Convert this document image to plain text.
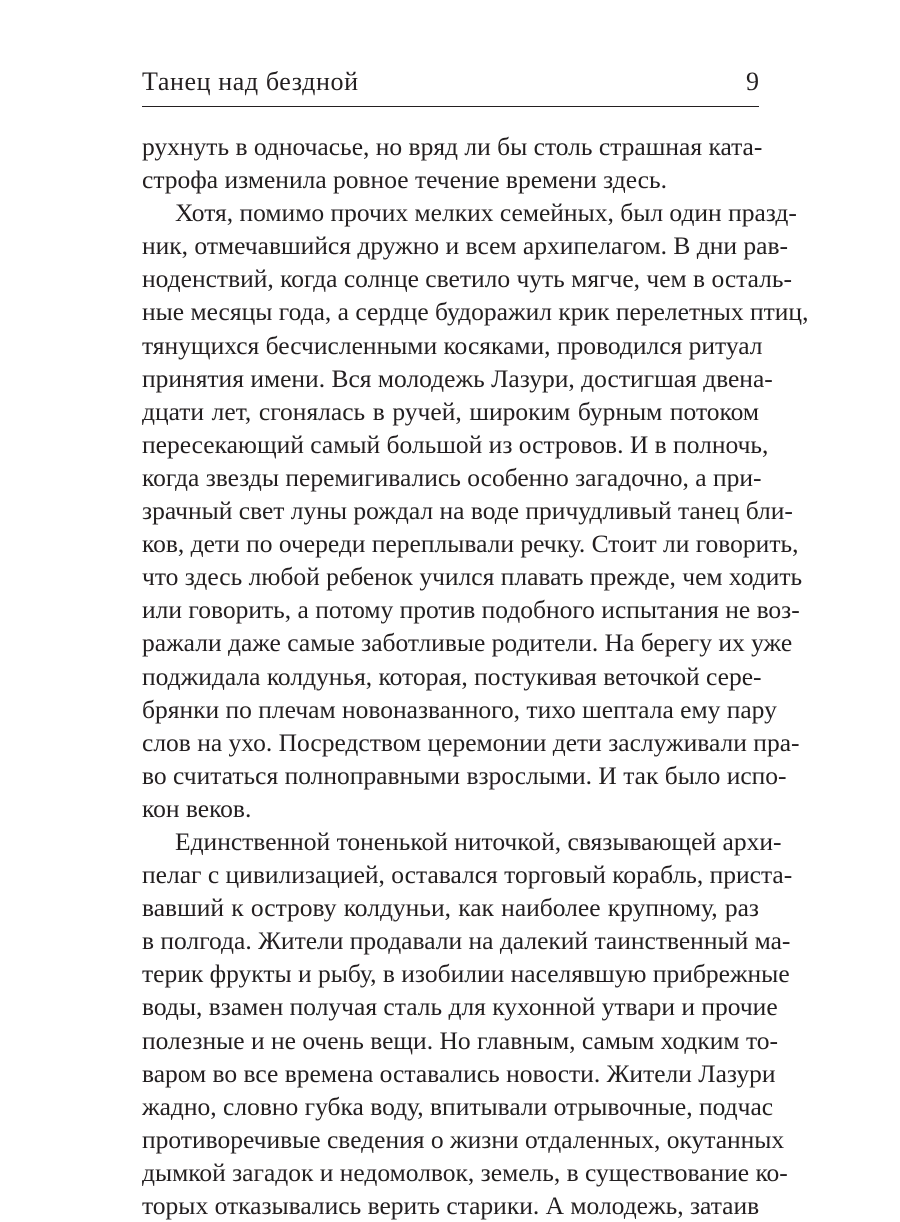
Танец над бездной	9
рухнуть в одночасье, но вряд ли бы столь страшная ката-
строфа изменила ровное течение времени здесь.
Хотя, помимо прочих мелких семейных, был один празд-
ник, отмечавшийся дружно и всем архипелагом. В дни рав-
ноденствий, когда солнце светило чуть мягче, чем в осталь-
ные месяцы года, а сердце будоражил крик перелетных птиц,
тянущихся бесчисленными косяками, проводился ритуал
принятия имени. Вся молодежь Лазури, достигшая двена-
дцати лет, сгонялась в ручей, широким бурным потоком
пересекающий самый большой из островов. И в полночь,
когда звезды перемигивались особенно загадочно, а при-
зрачный свет луны рождал на воде причудливый танец бли-
ков, дети по очереди переплывали речку. Стоит ли говорить,
что здесь любой ребенок учился плавать прежде, чем ходить
или говорить, а потому против подобного испытания не воз-
ражали даже самые заботливые родители. На берегу их уже
поджидала колдунья, которая, постукивая веточкой сере-
брянки по плечам новоназванного, тихо шептала ему пару
слов на ухо. Посредством церемонии дети заслуживали пра-
во считаться полноправными взрослыми. И так было испо-
кон веков.
Единственной тоненькой ниточкой, связывающей архи-
пелаг с цивилизацией, оставался торговый корабль, приста-
вавший к острову колдуньи, как наиболее крупному, раз
в полгода. Жители продавали на далекий таинственный ма-
терик фрукты и рыбу, в изобилии населявшую прибрежные
воды, взамен получая сталь для кухонной утвари и прочие
полезные и не очень вещи. Но главным, самым ходким то-
варом во все времена оставались новости. Жители Лазури
жадно, словно губка воду, впитывали отрывочные, подчас
противоречивые сведения о жизни отдаленных, окутанных
дымкой загадок и недомолвок, земель, в существование ко-
торых отказывались верить старики. А молодежь, затаив
